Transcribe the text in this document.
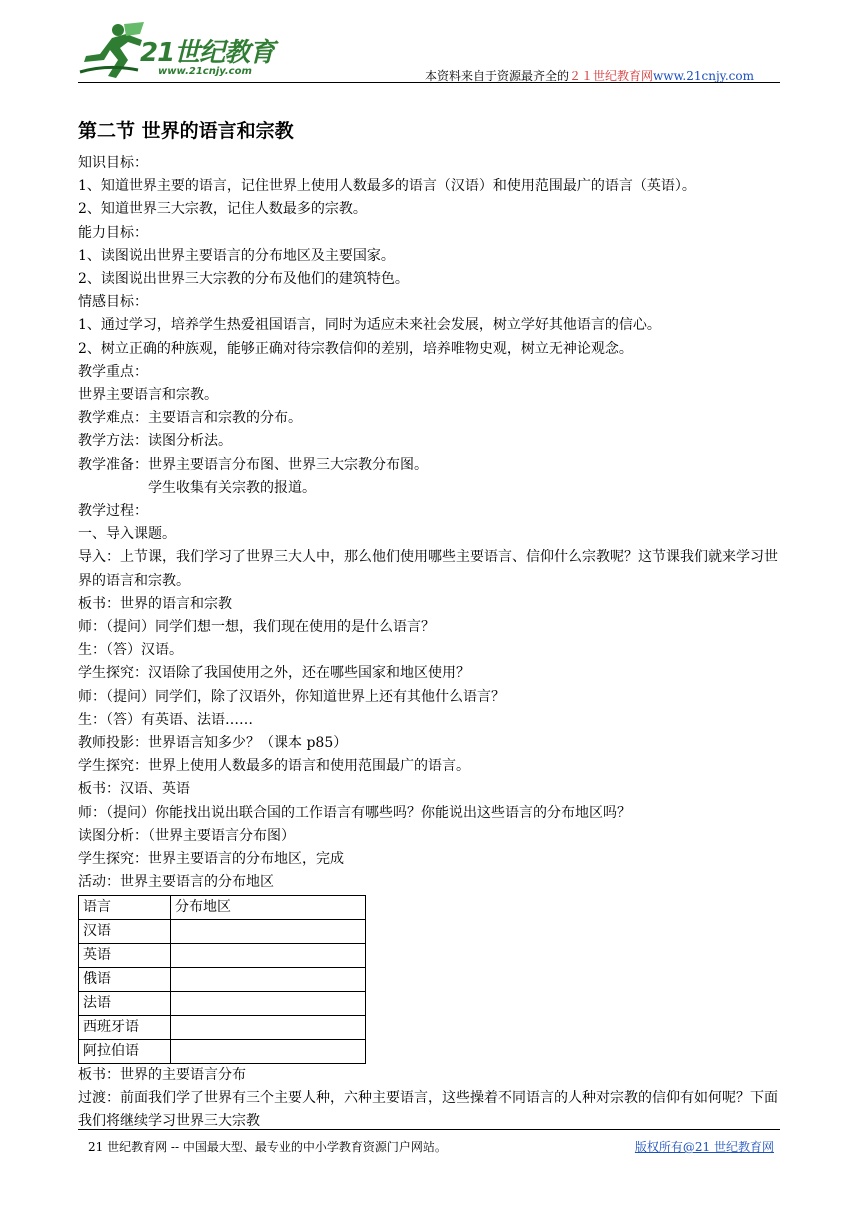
21世纪教育
www.21cnjy.com	本资料来自于资源最齐全的２１世纪教育网www.21cnjy.com
第二节 世界的语言和宗教

知识目标：

1、知道世界主要的语言，记住世界上使用人数最多的语言（汉语）和使用范围最广的语言（英语）。

2、知道世界三大宗教，记住人数最多的宗教。

能力目标：

1、读图说出世界主要语言的分布地区及主要国家。

2、读图说出世界三大宗教的分布及他们的建筑特色。

情感目标：

1、通过学习，培养学生热爱祖国语言，同时为适应未来社会发展，树立学好其他语言的信心。

2、树立正确的种族观，能够正确对待宗教信仰的差别，培养唯物史观，树立无神论观念。

教学重点：

世界主要语言和宗教。

教学难点：主要语言和宗教的分布。

教学方法：读图分析法。

教学准备：世界主要语言分布图、世界三大宗教分布图。

学生收集有关宗教的报道。

教学过程：

一、导入课题。

导入：上节课，我们学习了世界三大人中，那么他们使用哪些主要语言、信仰什么宗教呢？这节课我们就来学习世界的语言和宗教。

板书：世界的语言和宗教

师：（提问）同学们想一想，我们现在使用的是什么语言？

生：（答）汉语。

学生探究：汉语除了我国使用之外，还在哪些国家和地区使用？

师：（提问）同学们，除了汉语外，你知道世界上还有其他什么语言？

生：（答）有英语、法语……

教师投影：世界语言知多少？（课本 p85）

学生探究：世界上使用人数最多的语言和使用范围最广的语言。

板书：汉语、英语

师：（提问）你能找出说出联合国的工作语言有哪些吗？你能说出这些语言的分布地区吗？

读图分析：（世界主要语言分布图）

学生探究：世界主要语言的分布地区，完成

活动：世界主要语言的分布地区

语言	分布地区
汉语	
英语	
俄语	
法语	
西班牙语	
阿拉伯语	

板书：世界的主要语言分布

过渡：前面我们学了世界有三个主要人种，六种主要语言，这些操着不同语言的人种对宗教的信仰有如何呢？下面我们将继续学习世界三大宗教

21 世纪教育网 -- 中国最大型、最专业的中小学教育资源门户网站。	版权所有@21 世纪教育网
